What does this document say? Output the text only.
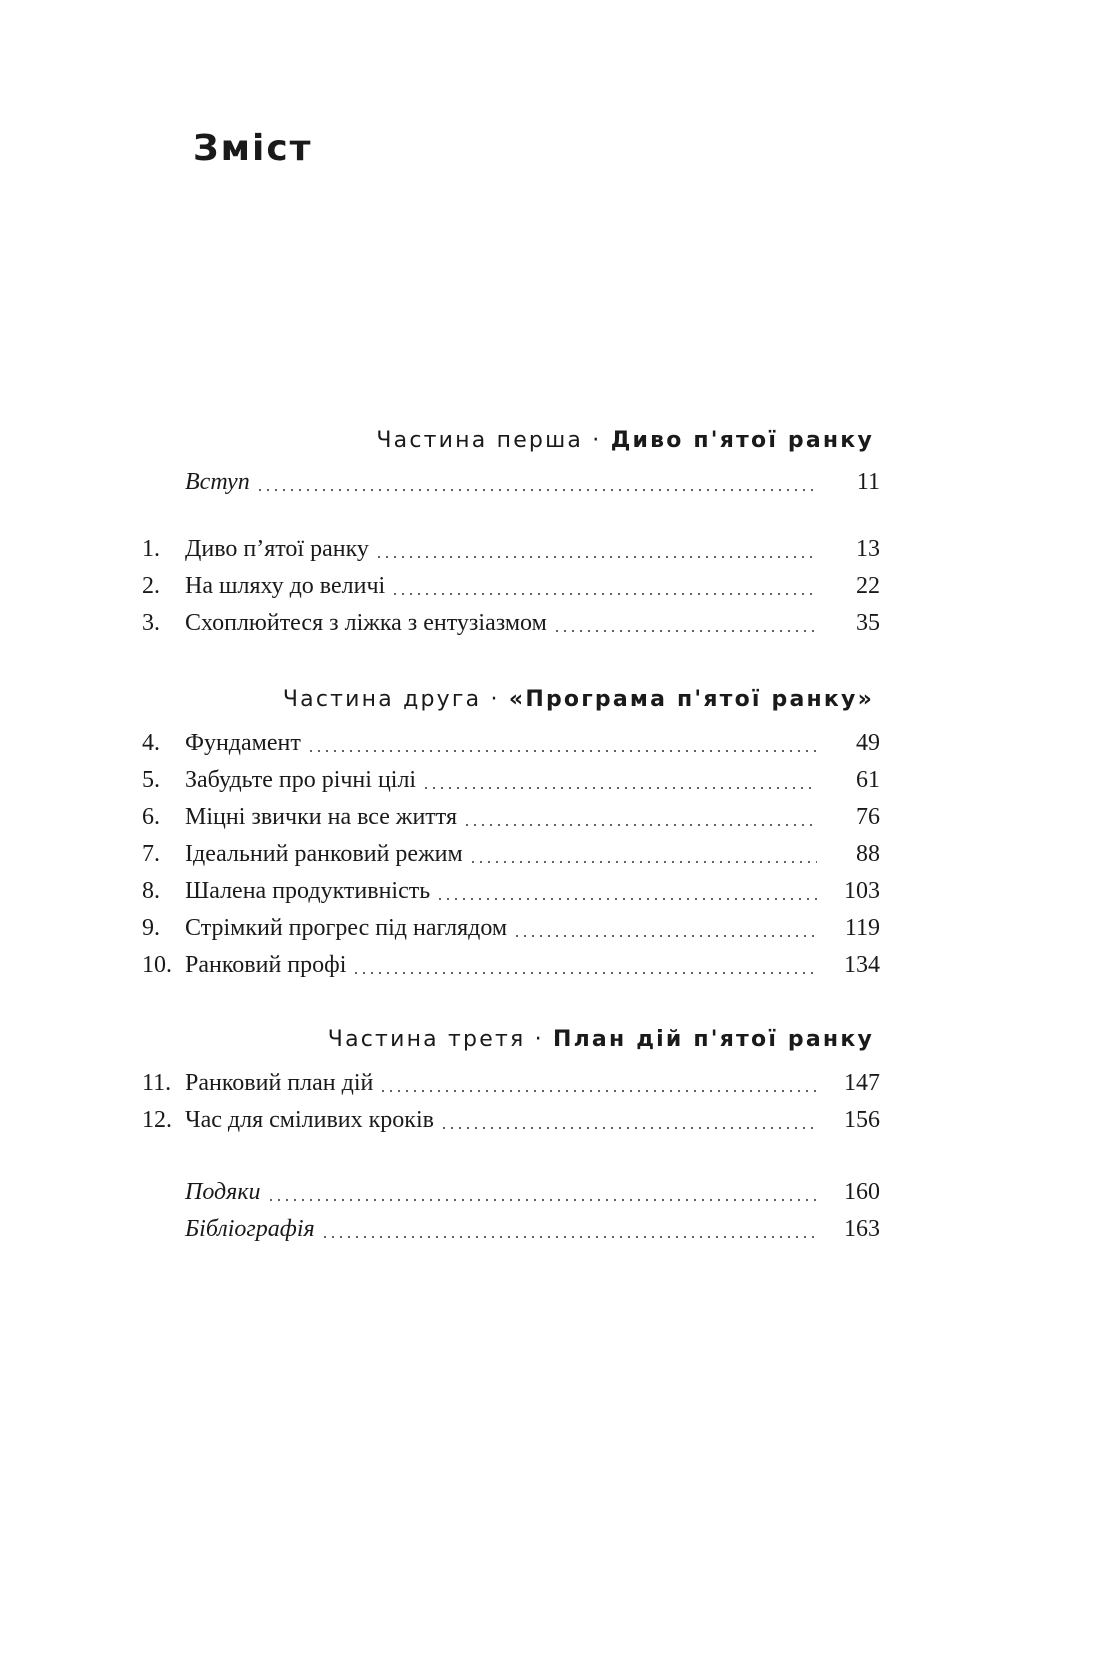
Зміст
Частина перша · Диво п'ятої ранку
Вступ	11
1. Диво п’ятої ранку	13
2. На шляху до величі	22
3. Схоплюйтеся з ліжка з ентузіазмом	35
Частина друга · «Програма п'ятої ранку»
4. Фундамент	49
5. Забудьте про річні цілі	61
6. Міцні звички на все життя	76
7. Ідеальний ранковий режим	88
8. Шалена продуктивність	103
9. Стрімкий прогрес під наглядом	119
10. Ранковий профі	134
Частина третя · План дій п'ятої ранку
11. Ранковий план дій	147
12. Час для сміливих кроків	156
Подяки	160
Бібліографія	163
